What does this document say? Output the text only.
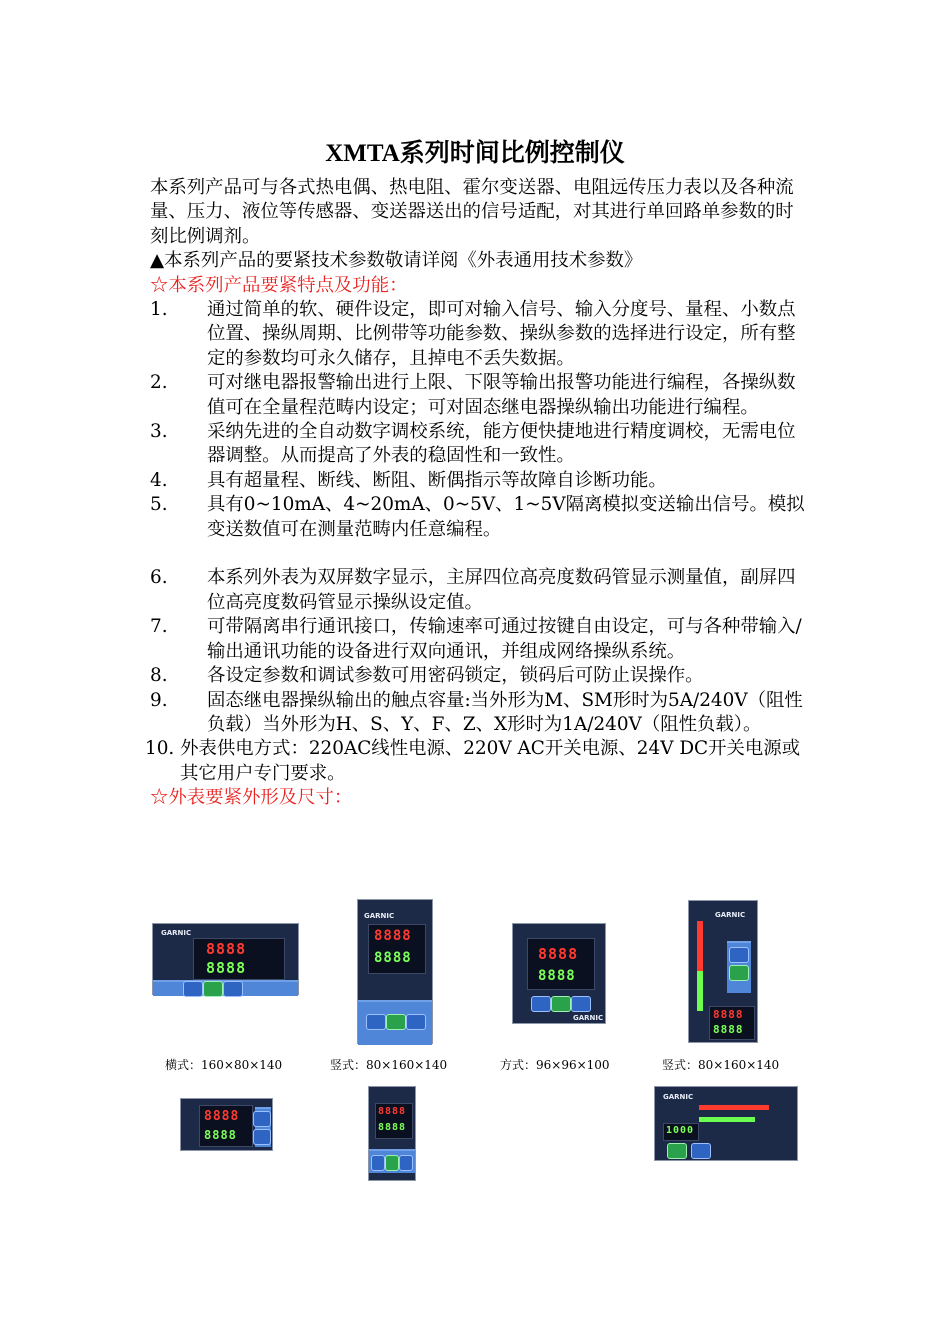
XMTA系列时间比例控制仪

本系列产品可与各式热电偶、热电阻、霍尔变送器、电阻远传压力表以及各种流量、压力、液位等传感器、变送器送出的信号适配，对其进行单回路单参数的时刻比例调剂。

▲本系列产品的要紧技术参数敬请详阅《外表通用技术参数》

☆本系列产品要紧特点及功能：

1.	通过简单的软、硬件设定，即可对输入信号、输入分度号、量程、小数点位置、操纵周期、比例带等功能参数、操纵参数的选择进行设定，所有整定的参数均可永久储存，且掉电不丢失数据。
2.	可对继电器报警输出进行上限、下限等输出报警功能进行编程，各操纵数值可在全量程范畴内设定；可对固态继电器操纵输出功能进行编程。
3.	采纳先进的全自动数字调校系统，能方便快捷地进行精度调校，无需电位器调整。从而提高了外表的稳固性和一致性。
4.	具有超量程、断线、断阻、断偶指示等故障自诊断功能。
5.	具有0~10mA、4~20mA、0~5V、1~5V隔离模拟变送输出信号。模拟变送数值可在测量范畴内任意编程。
6.	本系列外表为双屏数字显示，主屏四位高亮度数码管显示测量值，副屏四位高亮度数码管显示操纵设定值。
7.	可带隔离串行通讯接口，传输速率可通过按键自由设定，可与各种带输入/输出通讯功能的设备进行双向通讯，并组成网络操纵系统。
8.	各设定参数和调试参数可用密码锁定，锁码后可防止误操作。
9.	固态继电器操纵输出的触点容量:当外形为M、SM形时为5A/240V（阻性负载）当外形为H、S、Y、F、Z、X形时为1A/240V（阻性负载）。

10. 外表供电方式：220AC线性电源、220V AC开关电源、24V DC开关电源或其它用户专门要求。

☆外表要紧外形及尺寸：

GARNIC
8888
8888
GARNIC
8888
8888	8888
8888
GARNIC
GARNIC
8888
8888
横式：160×80×140	竖式：80×160×140	方式：96×96×100	竖式：80×160×140
8888
8888
8888
8888
GARNIC
GARNIC
1000
